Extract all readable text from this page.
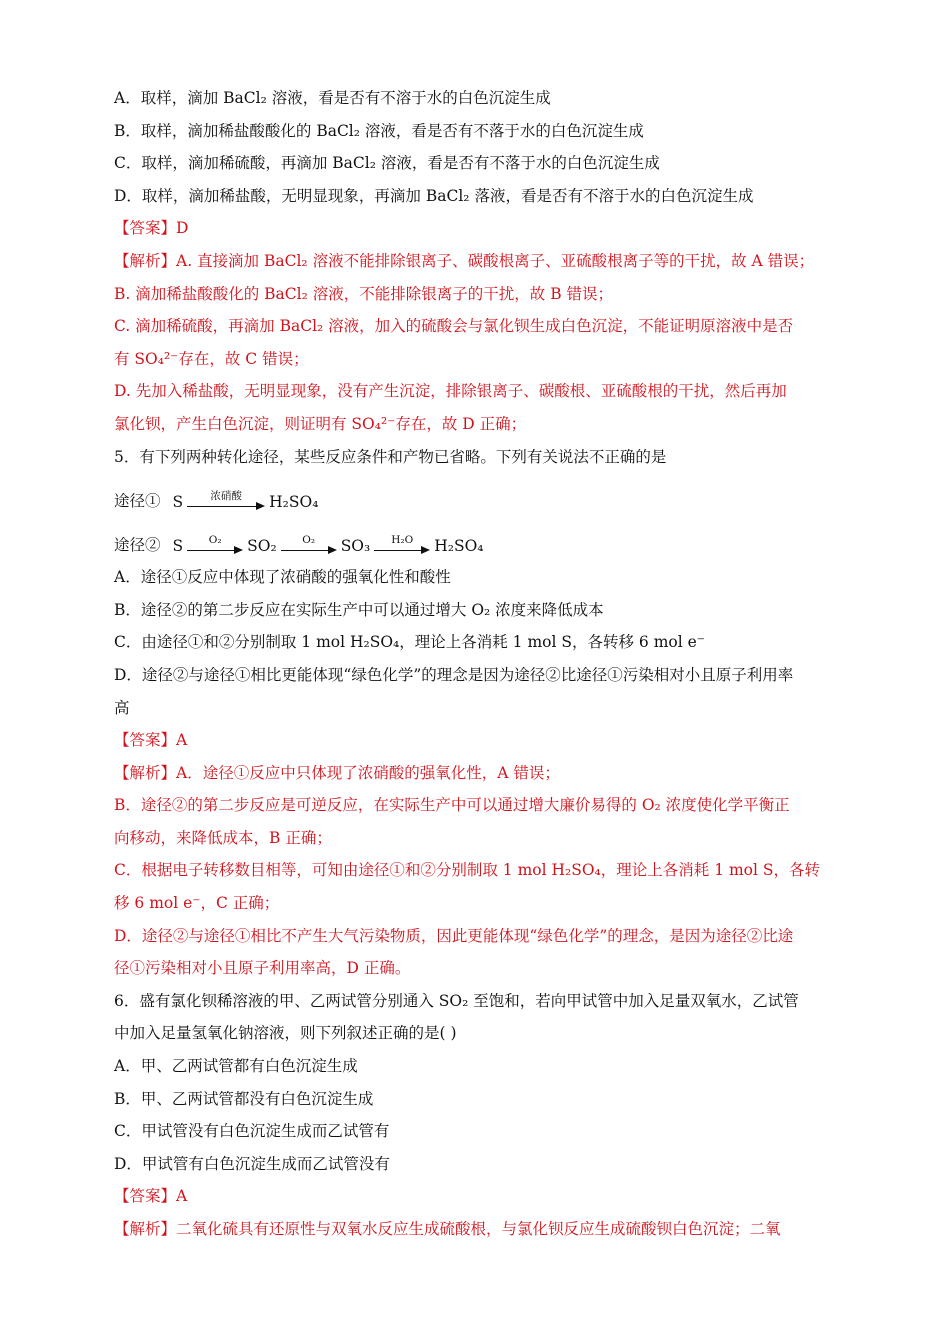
A．取样，滴加 BaCl₂ 溶液，看是否有不溶于水的白色沉淀生成
B．取样，滴加稀盐酸酸化的 BaCl₂ 溶液，看是否有不落于水的白色沉淀生成
C．取样，滴加稀硫酸，再滴加 BaCl₂ 溶液，看是否有不落于水的白色沉淀生成
D．取样，滴加稀盐酸，无明显现象，再滴加 BaCl₂ 落液，看是否有不溶于水的白色沉淀生成
【答案】D
【解析】A. 直接滴加 BaCl₂ 溶液不能排除银离子、碳酸根离子、亚硫酸根离子等的干扰，故 A 错误；
B. 滴加稀盐酸酸化的 BaCl₂ 溶液，不能排除银离子的干扰，故 B 错误；
C. 滴加稀硫酸，再滴加 BaCl₂ 溶液，加入的硫酸会与氯化钡生成白色沉淀，不能证明原溶液中是否
有 SO₄²⁻存在，故 C 错误；
D. 先加入稀盐酸，无明显现象，没有产生沉淀，排除银离子、碳酸根、亚硫酸根的干扰，然后再加
氯化钡，产生白色沉淀，则证明有 SO₄²⁻存在，故 D 正确；
5．有下列两种转化途径，某些反应条件和产物已省略。下列有关说法不正确的是
途径① S	浓硝酸	H₂SO₄
途径② S	O₂	SO₂	O₂	SO₃	H₂O	H₂SO₄
A．途径①反应中体现了浓硝酸的强氧化性和酸性
B．途径②的第二步反应在实际生产中可以通过增大 O₂ 浓度来降低成本
C．由途径①和②分别制取 1 mol H₂SO₄，理论上各消耗 1 mol S，各转移 6 mol e⁻
D．途径②与途径①相比更能体现“绿色化学”的理念是因为途径②比途径①污染相对小且原子利用率
高
【答案】A
【解析】A．途径①反应中只体现了浓硝酸的强氧化性，A 错误；
B．途径②的第二步反应是可逆反应，在实际生产中可以通过增大廉价易得的 O₂ 浓度使化学平衡正
向移动，来降低成本，B 正确；
C．根据电子转移数目相等，可知由途径①和②分别制取 1 mol H₂SO₄，理论上各消耗 1 mol S，各转
移 6 mol e⁻，C 正确；
D．途径②与途径①相比不产生大气污染物质，因此更能体现“绿色化学”的理念，是因为途径②比途
径①污染相对小且原子利用率高，D 正确。
6．盛有氯化钡稀溶液的甲、乙两试管分别通入 SO₂ 至饱和，若向甲试管中加入足量双氧水，乙试管
中加入足量氢氧化钠溶液，则下列叙述正确的是( )
A．甲、乙两试管都有白色沉淀生成
B．甲、乙两试管都没有白色沉淀生成
C．甲试管没有白色沉淀生成而乙试管有
D．甲试管有白色沉淀生成而乙试管没有
【答案】A
【解析】二氧化硫具有还原性与双氧水反应生成硫酸根，与氯化钡反应生成硫酸钡白色沉淀；二氧
